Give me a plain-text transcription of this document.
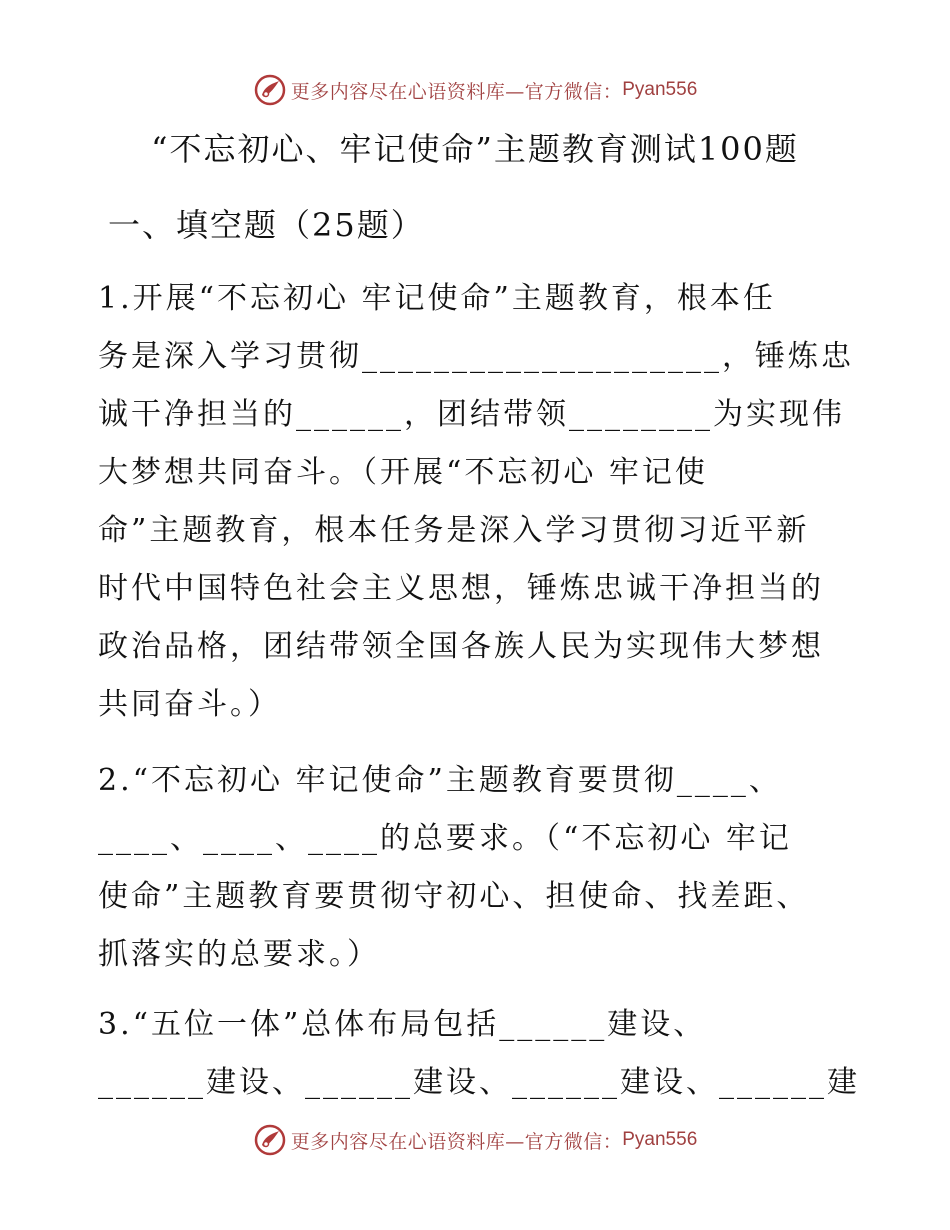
更多内容尽在心语资料库—官方微信： Pyan556
“不忘初心、牢记使命”主题教育测试100题
一、填空题（25题）
1.开展“不忘初心 牢记使命”主题教育，根本任
务是深入学习贯彻____________________，锤炼忠
诚干净担当的______，团结带领________为实现伟
大梦想共同奋斗。（开展“不忘初心 牢记使
命”主题教育，根本任务是深入学习贯彻习近平新
时代中国特色社会主义思想，锤炼忠诚干净担当的
政治品格，团结带领全国各族人民为实现伟大梦想
共同奋斗。）
2.“不忘初心 牢记使命”主题教育要贯彻____、
____、____、____的总要求。（“不忘初心 牢记
使命”主题教育要贯彻守初心、担使命、找差距、
抓落实的总要求。）
3.“五位一体”总体布局包括______建设、
______建设、______建设、______建设、______建
更多内容尽在心语资料库—官方微信： Pyan556
